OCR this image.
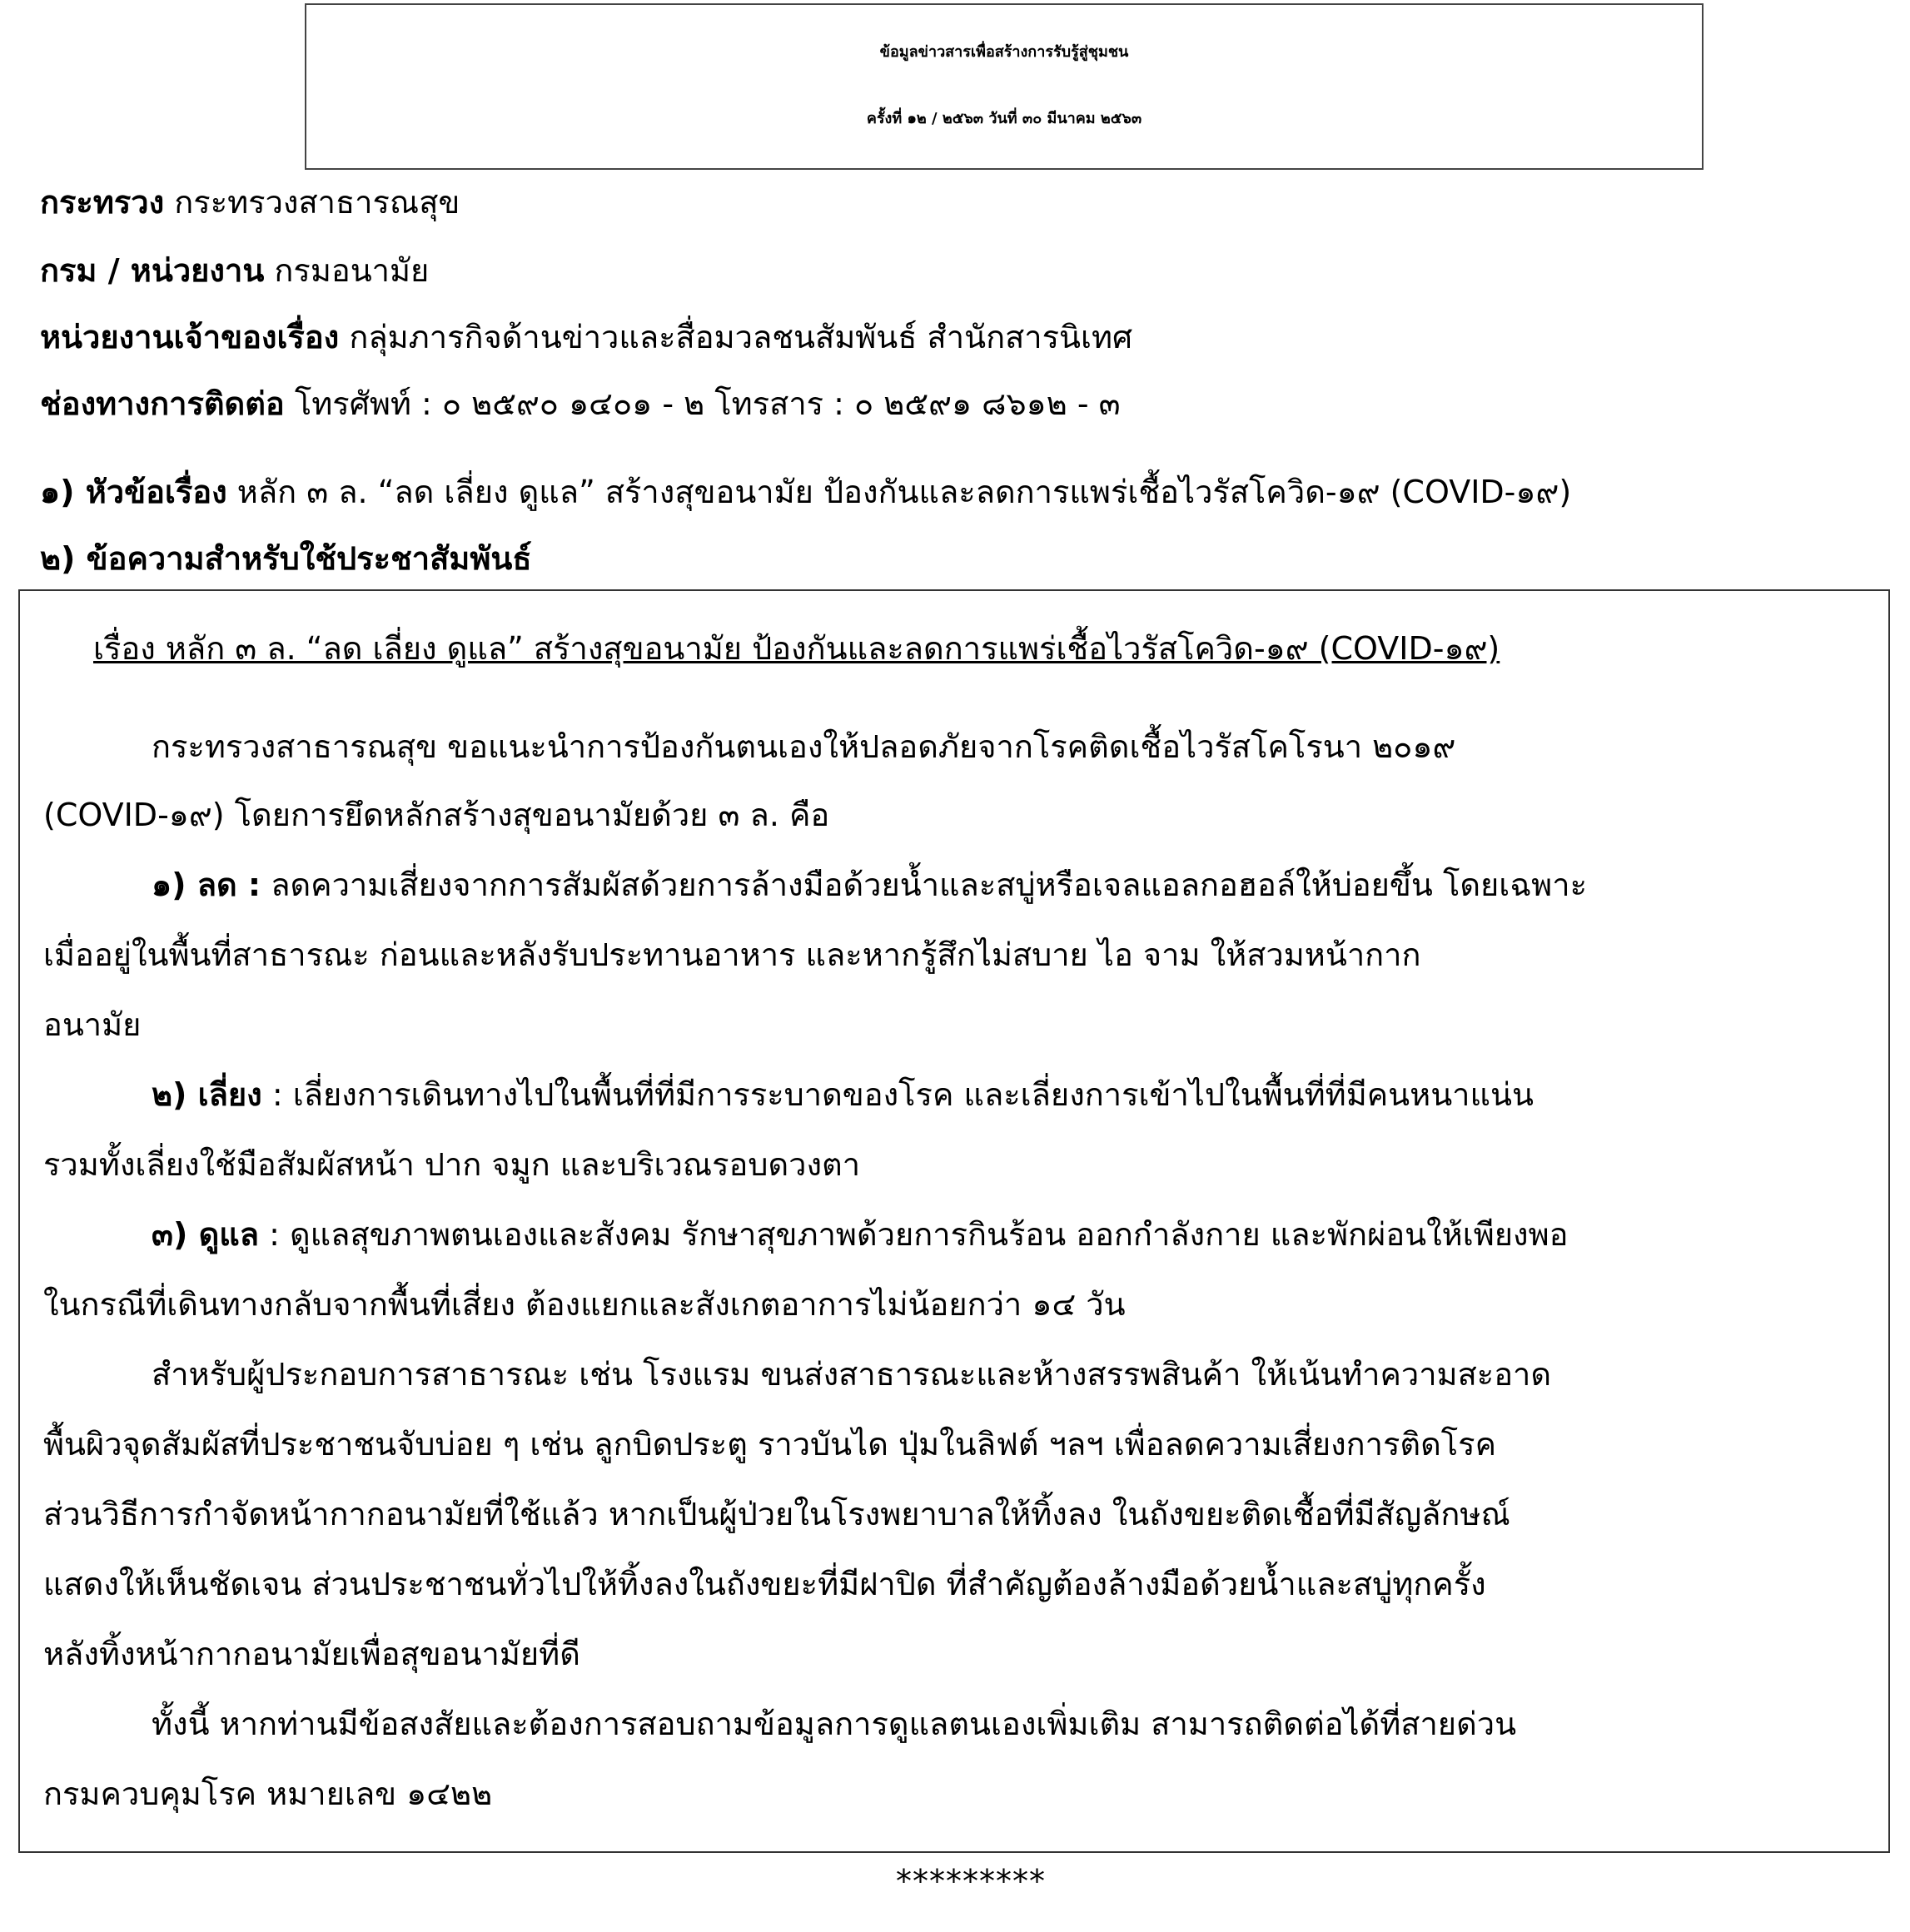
ข้อมูลข่าวสารเพื่อสร้างการรับรู้สู่ชุมชน
ครั้งที่ ๑๒ / ๒๕๖๓ วันที่ ๓๐ มีนาคม ๒๕๖๓
กระทรวง กระทรวงสาธารณสุข
กรม / หน่วยงาน กรมอนามัย
หน่วยงานเจ้าของเรื่อง กลุ่มภารกิจด้านข่าวและสื่อมวลชนสัมพันธ์ สำนักสารนิเทศ
ช่องทางการติดต่อ โทรศัพท์ : ๐ ๒๕๙๐ ๑๔๐๑ - ๒ โทรสาร : ๐ ๒๕๙๑ ๘๖๑๒ - ๓
๑) หัวข้อเรื่อง หลัก ๓ ล. “ลด เลี่ยง ดูแล” สร้างสุขอนามัย ป้องกันและลดการแพร่เชื้อไวรัสโควิด-๑๙ (COVID-๑๙)
๒) ข้อความสำหรับใช้ประชาสัมพันธ์
เรื่อง หลัก ๓ ล. “ลด เลี่ยง ดูแล” สร้างสุขอนามัย ป้องกันและลดการแพร่เชื้อไวรัสโควิด-๑๙ (COVID-๑๙)
กระทรวงสาธารณสุข ขอแนะนำการป้องกันตนเองให้ปลอดภัยจากโรคติดเชื้อไวรัสโคโรนา ๒๐๑๙
(COVID-๑๙) โดยการยึดหลักสร้างสุขอนามัยด้วย ๓ ล. คือ
๑) ลด : ลดความเสี่ยงจากการสัมผัสด้วยการล้างมือด้วยน้ำและสบู่หรือเจลแอลกอฮอล์ให้บ่อยขึ้น โดยเฉพาะ
เมื่ออยู่ในพื้นที่สาธารณะ ก่อนและหลังรับประทานอาหาร และหากรู้สึกไม่สบาย ไอ จาม ให้สวมหน้ากาก
อนามัย
๒) เลี่ยง : เลี่ยงการเดินทางไปในพื้นที่ที่มีการระบาดของโรค และเลี่ยงการเข้าไปในพื้นที่ที่มีคนหนาแน่น
รวมทั้งเลี่ยงใช้มือสัมผัสหน้า ปาก จมูก และบริเวณรอบดวงตา
๓) ดูแล : ดูแลสุขภาพตนเองและสังคม รักษาสุขภาพด้วยการกินร้อน ออกกำลังกาย และพักผ่อนให้เพียงพอ
ในกรณีที่เดินทางกลับจากพื้นที่เสี่ยง ต้องแยกและสังเกตอาการไม่น้อยกว่า ๑๔ วัน
สำหรับผู้ประกอบการสาธารณะ เช่น โรงแรม ขนส่งสาธารณะและห้างสรรพสินค้า ให้เน้นทำความสะอาด
พื้นผิวจุดสัมผัสที่ประชาชนจับบ่อย ๆ เช่น ลูกบิดประตู ราวบันได ปุ่มในลิฟต์ ฯลฯ เพื่อลดความเสี่ยงการติดโรค
ส่วนวิธีการกำจัดหน้ากากอนามัยที่ใช้แล้ว หากเป็นผู้ป่วยในโรงพยาบาลให้ทิ้งลง ในถังขยะติดเชื้อที่มีสัญลักษณ์
แสดงให้เห็นชัดเจน ส่วนประชาชนทั่วไปให้ทิ้งลงในถังขยะที่มีฝาปิด ที่สำคัญต้องล้างมือด้วยน้ำและสบู่ทุกครั้ง
หลังทิ้งหน้ากากอนามัยเพื่อสุขอนามัยที่ดี
ทั้งนี้ หากท่านมีข้อสงสัยและต้องการสอบถามข้อมูลการดูแลตนเองเพิ่มเติม สามารถติดต่อได้ที่สายด่วน
กรมควบคุมโรค หมายเลข ๑๔๒๒
*********
